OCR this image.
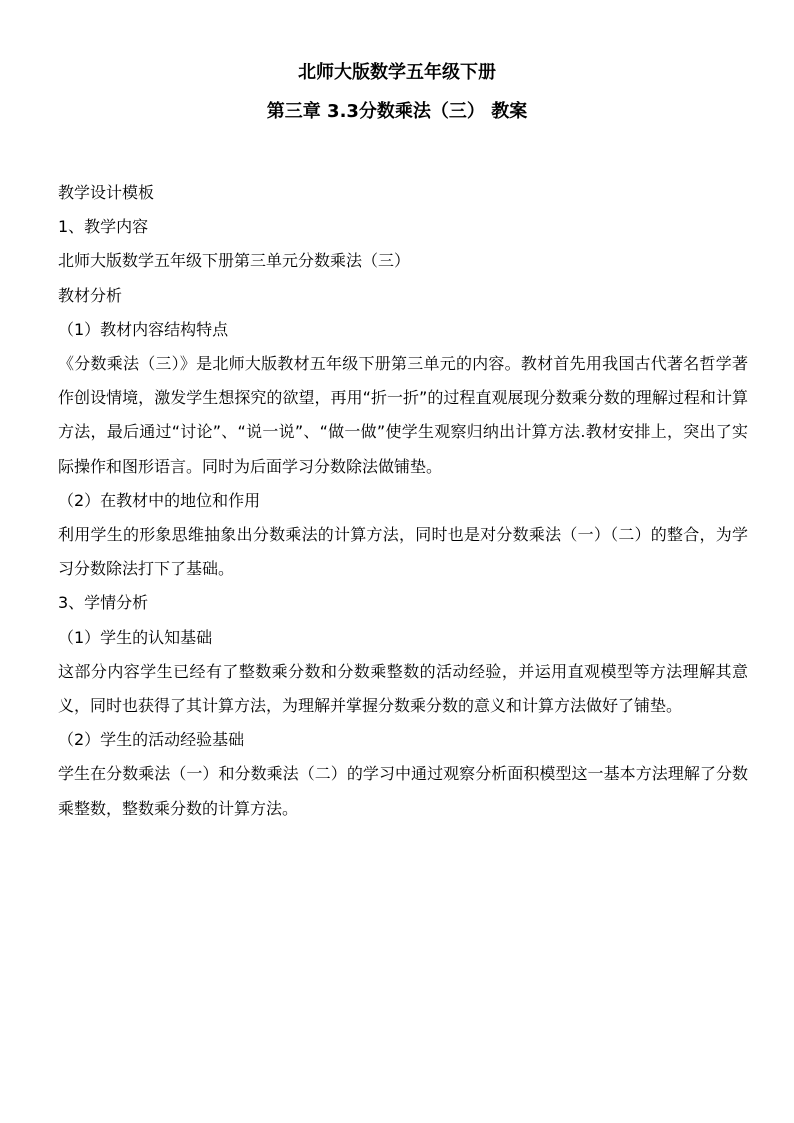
北师大版数学五年级下册
第三章 3.3分数乘法（三） 教案
教学设计模板
1、教学内容
北师大版数学五年级下册第三单元分数乘法（三）
教材分析
（1）教材内容结构特点

《分数乘法（三）》是北师大版教材五年级下册第三单元的内容。教材首先用我国古代著名哲学著作创设情境，激发学生想探究的欲望，再用“折一折”的过程直观展现分数乘分数的理解过程和计算方法，最后通过“讨论”、“说一说”、“做一做”使学生观察归纳出计算方法.教材安排上，突出了实际操作和图形语言。同时为后面学习分数除法做铺垫。

（2）在教材中的地位和作用

利用学生的形象思维抽象出分数乘法的计算方法，同时也是对分数乘法（一）（二）的整合，为学习分数除法打下了基础。

3、学情分析
（1）学生的认知基础

这部分内容学生已经有了整数乘分数和分数乘整数的活动经验，并运用直观模型等方法理解其意义，同时也获得了其计算方法，为理解并掌握分数乘分数的意义和计算方法做好了铺垫。

（2）学生的活动经验基础

学生在分数乘法（一）和分数乘法（二）的学习中通过观察分析面积模型这一基本方法理解了分数乘整数，整数乘分数的计算方法。
